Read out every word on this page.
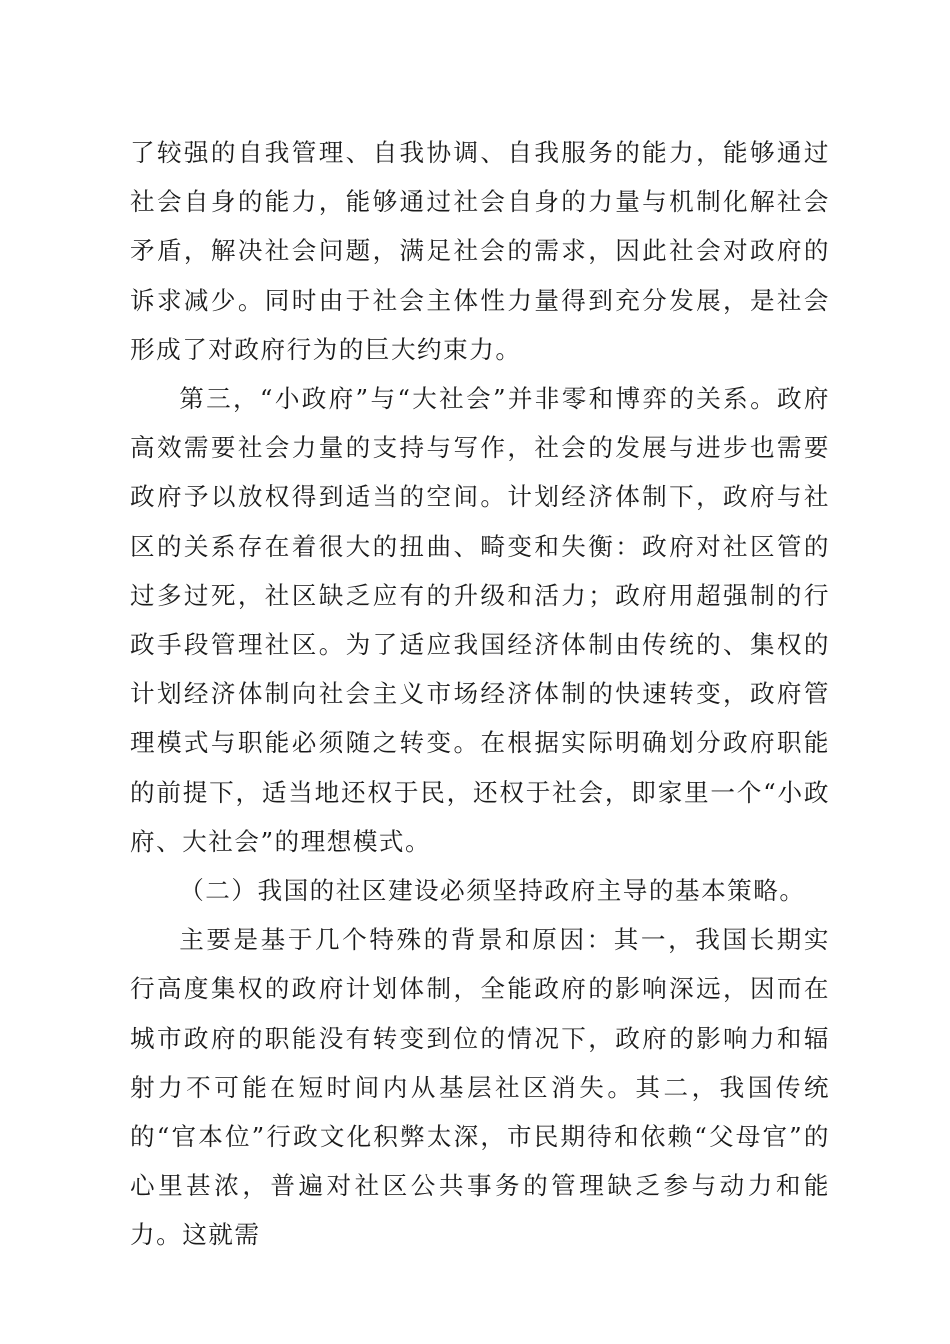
了较强的自我管理、自我协调、自我服务的能力，能够通过社会自身的能力，能够通过社会自身的力量与机制化解社会矛盾，解决社会问题，满足社会的需求，因此社会对政府的诉求减少。同时由于社会主体性力量得到充分发展，是社会形成了对政府行为的巨大约束力。

第三，“小政府”与“大社会”并非零和博弈的关系。政府高效需要社会力量的支持与写作，社会的发展与进步也需要政府予以放权得到适当的空间。计划经济体制下，政府与社区的关系存在着很大的扭曲、畸变和失衡：政府对社区管的过多过死，社区缺乏应有的升级和活力；政府用超强制的行政手段管理社区。为了适应我国经济体制由传统的、集权的计划经济体制向社会主义市场经济体制的快速转变，政府管理模式与职能必须随之转变。在根据实际明确划分政府职能的前提下，适当地还权于民，还权于社会，即家里一个“小政府、大社会”的理想模式。

（二）我国的社区建设必须坚持政府主导的基本策略。

主要是基于几个特殊的背景和原因：其一，我国长期实行高度集权的政府计划体制，全能政府的影响深远，因而在城市政府的职能没有转变到位的情况下，政府的影响力和辐射力不可能在短时间内从基层社区消失。其二，我国传统的“官本位”行政文化积弊太深，市民期待和依赖“父母官”的心里甚浓，普遍对社区公共事务的管理缺乏参与动力和能力。这就需
